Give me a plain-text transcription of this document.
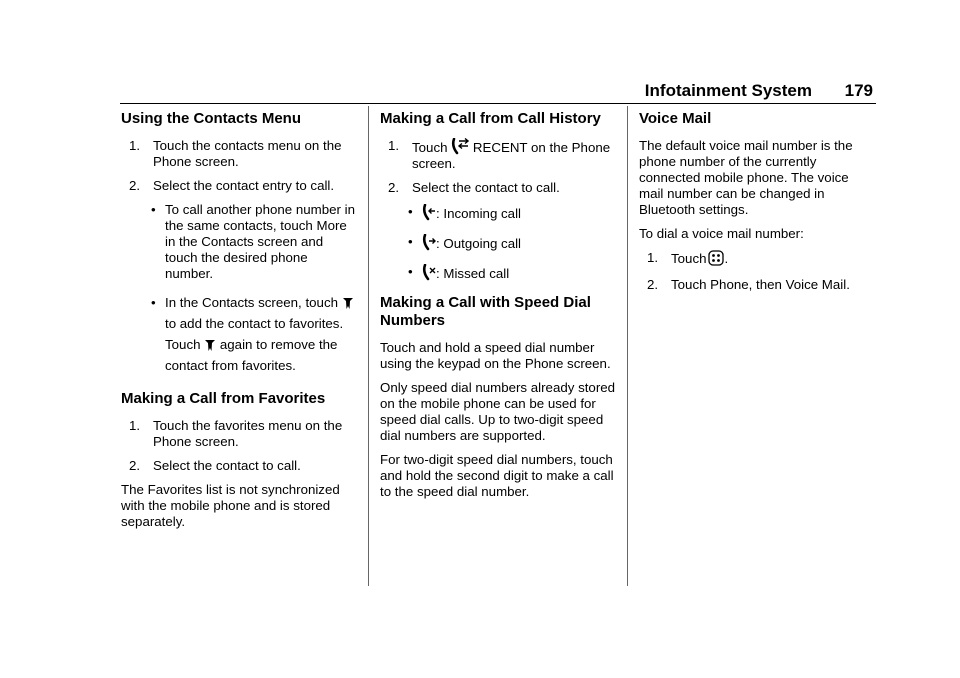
Infotainment System 179
Using the Contacts Menu
1. Touch the contacts menu on the Phone screen.
2. Select the contact entry to call.
• To call another phone number in the same contacts, touch More in the Contacts screen and touch the desired phone number.
• In the Contacts screen, touch
to add the contact to favorites. Touch again to remove the contact from favorites.
Making a Call from Favorites
1. Touch the favorites menu on the Phone screen.
2. Select the contact to call.

The Favorites list is not synchronized with the mobile phone and is stored separately.

Making a Call from Call History
1. Touch RECENT on the Phone screen.
2. Select the contact to call.
• : Incoming call
• : Outgoing call
• : Missed call
Making a Call with Speed Dial Numbers

Touch and hold a speed dial number using the keypad on the Phone screen.

Only speed dial numbers already stored on the mobile phone can be used for speed dial calls. Up to two-digit speed dial numbers are supported.

For two-digit speed dial numbers, touch and hold the second digit to make a call to the speed dial number.

Voice Mail

The default voice mail number is the phone number of the currently connected mobile phone. The voice mail number can be changed in Bluetooth settings.

To dial a voice mail number:

1. Touch .
2. Touch Phone, then Voice Mail.
